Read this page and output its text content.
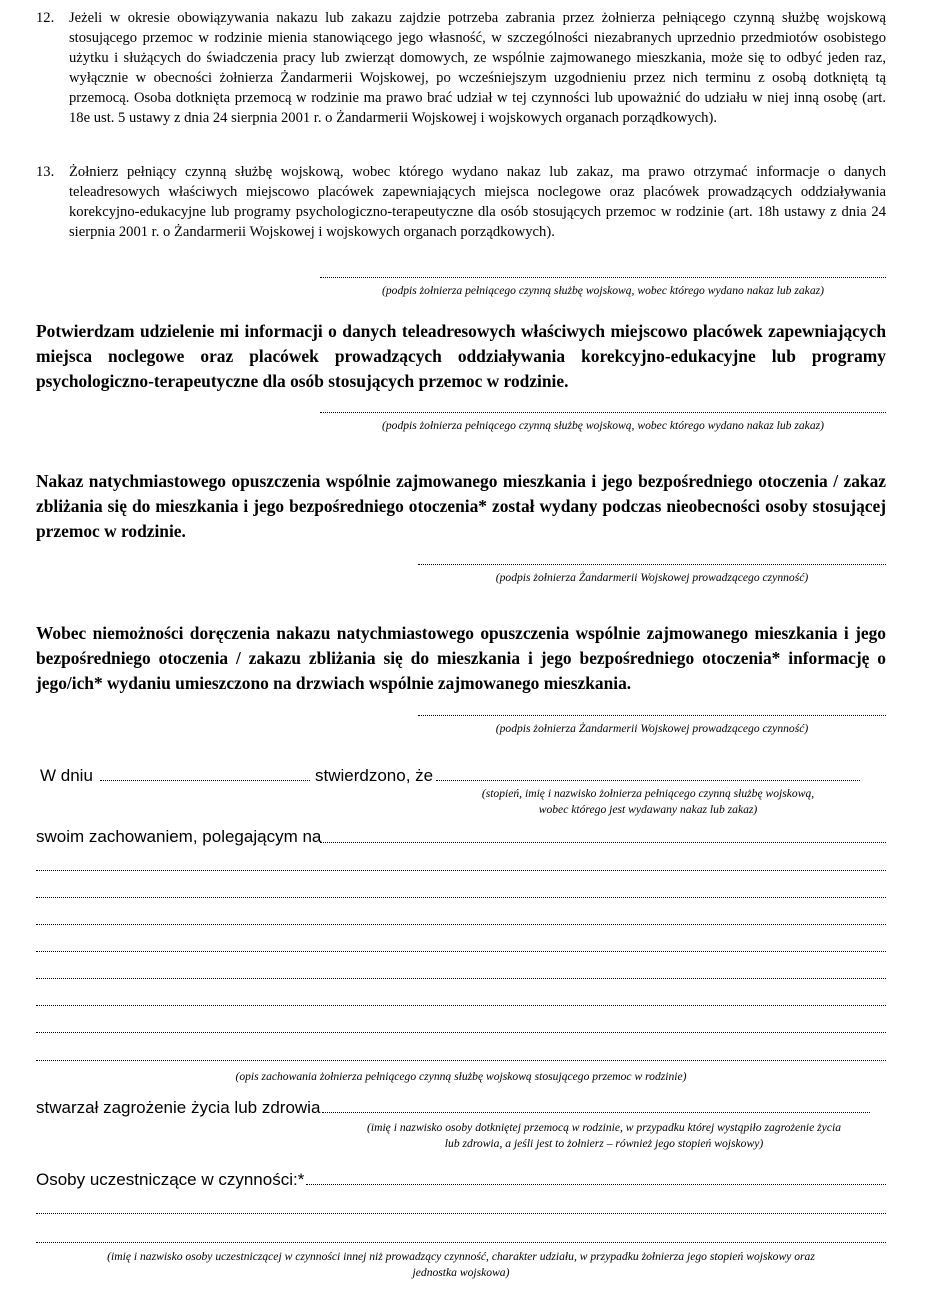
12. Jeżeli w okresie obowiązywania nakazu lub zakazu zajdzie potrzeba zabrania przez żołnierza pełniącego czynną służbę wojskową stosującego przemoc w rodzinie mienia stanowiącego jego własność, w szczególności niezabranych uprzednio przedmiotów osobistego użytku i służących do świadczenia pracy lub zwierząt domowych, ze wspólnie zajmowanego mieszkania, może się to odbyć jeden raz, wyłącznie w obecności żołnierza Żandarmerii Wojskowej, po wcześniejszym uzgodnieniu przez nich terminu z osobą dotkniętą tą przemocą. Osoba dotknięta przemocą w rodzinie ma prawo brać udział w tej czynności lub upoważnić do udziału w niej inną osobę (art. 18e ust. 5 ustawy z dnia 24 sierpnia 2001 r. o Żandarmerii Wojskowej i wojskowych organach porządkowych).
13. Żołnierz pełniący czynną służbę wojskową, wobec którego wydano nakaz lub zakaz, ma prawo otrzymać informacje o danych teleadresowych właściwych miejscowo placówek zapewniających miejsca noclegowe oraz placówek prowadzących oddziaływania korekcyjno-edukacyjne lub programy psychologiczno-terapeutyczne dla osób stosujących przemoc w rodzinie (art. 18h ustawy z dnia 24 sierpnia 2001 r. o Żandarmerii Wojskowej i wojskowych organach porządkowych).
(podpis żołnierza pełniącego czynną służbę wojskową, wobec którego wydano nakaz lub zakaz)
Potwierdzam udzielenie mi informacji o danych teleadresowych właściwych miejscowo placówek zapewniających miejsca noclegowe oraz placówek prowadzących oddziaływania korekcyjno-edukacyjne lub programy psychologiczno-terapeutyczne dla osób stosujących przemoc w rodzinie.
(podpis żołnierza pełniącego czynną służbę wojskową, wobec którego wydano nakaz lub zakaz)
Nakaz natychmiastowego opuszczenia wspólnie zajmowanego mieszkania i jego bezpośredniego otoczenia / zakaz zbliżania się do mieszkania i jego bezpośredniego otoczenia* został wydany podczas nieobecności osoby stosującej przemoc w rodzinie.
(podpis żołnierza Żandarmerii Wojskowej prowadzącego czynność)
Wobec niemożności doręczenia nakazu natychmiastowego opuszczenia wspólnie zajmowanego mieszkania i jego bezpośredniego otoczenia / zakazu zbliżania się do mieszkania i jego bezpośredniego otoczenia* informację o jego/ich* wydaniu umieszczono na drzwiach wspólnie zajmowanego mieszkania.
(podpis żołnierza Żandarmerii Wojskowej prowadzącego czynność)
W dniu	stwierdzono, że
(stopień, imię i nazwisko żołnierza pełniącego czynną służbę wojskową,
wobec którego jest wydawany nakaz lub zakaz)
swoim zachowaniem, polegającym na
(opis zachowania żołnierza pełniącego czynną służbę wojskową stosującego przemoc w rodzinie)
stwarzał zagrożenie życia lub zdrowia
(imię i nazwisko osoby dotkniętej przemocą w rodzinie, w przypadku której wystąpiło zagrożenie życia
lub zdrowia, a jeśli jest to żołnierz – również jego stopień wojskowy)
Osoby uczestniczące w czynności:*
(imię i nazwisko osoby uczestniczącej w czynności innej niż prowadzący czynność, charakter udziału, w przypadku żołnierza jego stopień wojskowy oraz
jednostka wojskowa)
